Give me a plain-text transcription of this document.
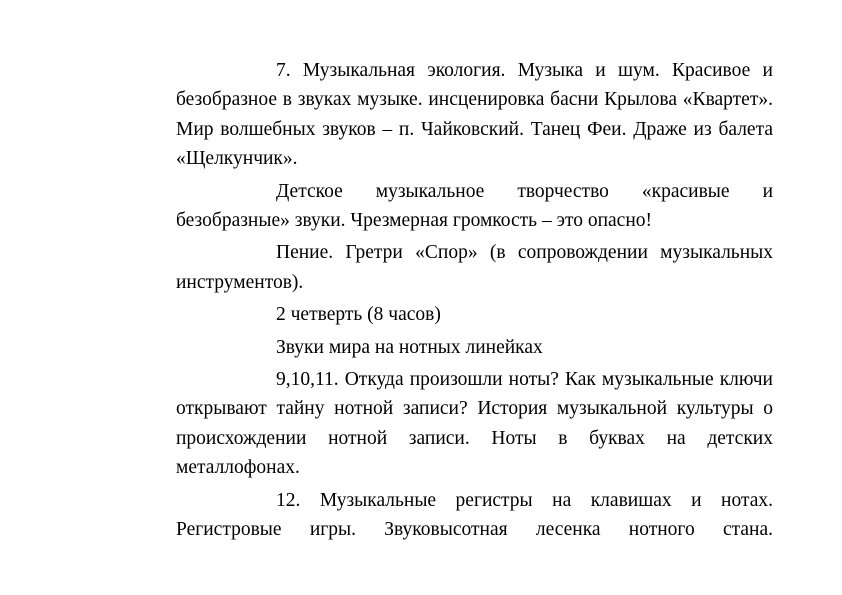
7. Музыкальная экология. Музыка и шум. Красивое и безобразное в звуках музыке. инсценировка басни Крылова «Квартет». Мир волшебных звуков – п. Чайковский. Танец Феи. Драже из балета «Щелкунчик».

Детское музыкальное творчество «красивые и безобразные» звуки. Чрезмерная громкость – это опасно!

Пение. Гретри «Спор» (в сопровождении музыкальных инструментов).

2 четверть (8 часов)

Звуки мира на нотных линейках

9,10,11. Откуда произошли ноты? Как музыкальные ключи открывают тайну нотной записи? История музыкальной культуры о происхождении нотной записи. Ноты в буквах на детских металлофонах.

12. Музыкальные регистры на клавишах и нотах. Регистровые игры. Звуковысотная лесенка нотного стана.
